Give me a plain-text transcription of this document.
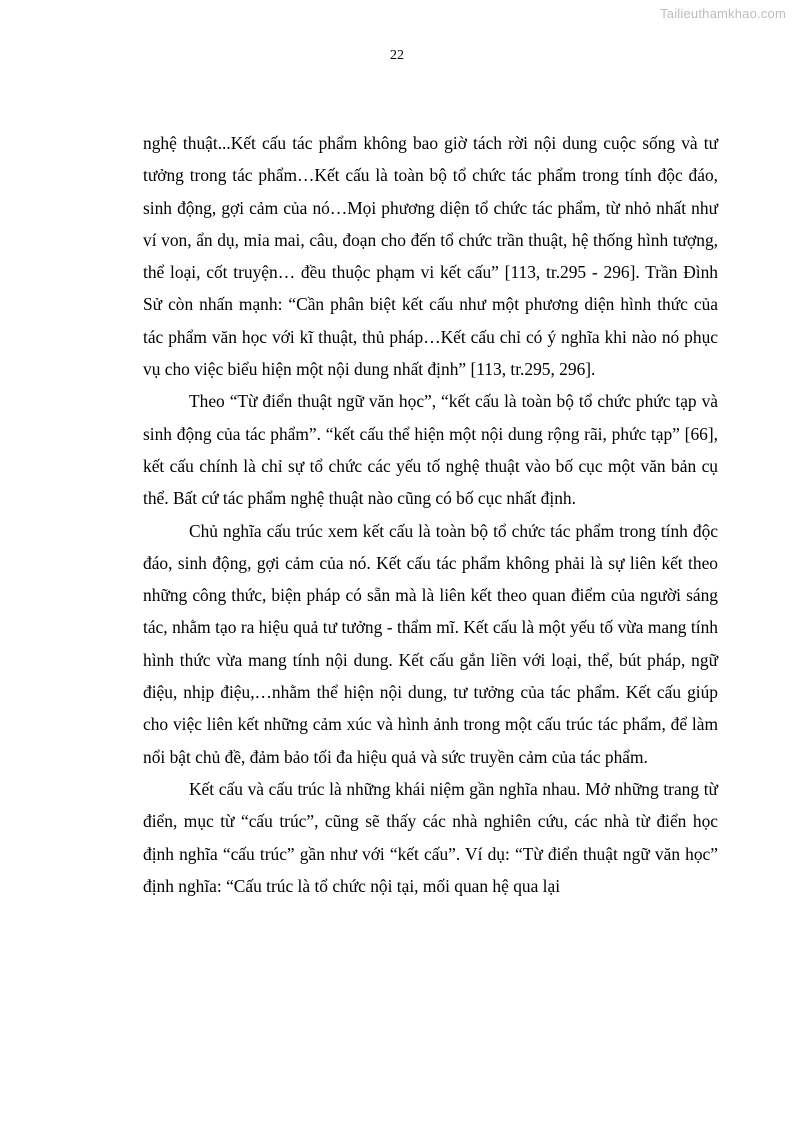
Tailieuthamkhao.com
22

nghệ thuật...Kết cấu tác phẩm không bao giờ tách rời nội dung cuộc sống và tư tưởng trong tác phẩm…Kết cấu là toàn bộ tổ chức tác phẩm trong tính độc đáo, sinh động, gợi cảm của nó…Mọi phương diện tổ chức tác phẩm, từ nhỏ nhất như ví von, ẩn dụ, mỉa mai, câu, đoạn cho đến tổ chức trần thuật, hệ thống hình tượng, thể loại, cốt truyện… đều thuộc phạm vi kết cấu” [113, tr.295 - 296]. Trần Đình Sử còn nhấn mạnh: “Cần phân biệt kết cấu như một phương diện hình thức của tác phẩm văn học với kĩ thuật, thủ pháp…Kết cấu chỉ có ý nghĩa khi nào nó phục vụ cho việc biểu hiện một nội dung nhất định” [113, tr.295, 296].

Theo “Từ điển thuật ngữ văn học”, “kết cấu là toàn bộ tổ chức phức tạp và sinh động của tác phẩm”. “kết cấu thể hiện một nội dung rộng rãi, phức tạp” [66], kết cấu chính là chỉ sự tổ chức các yếu tố nghệ thuật vào bố cục một văn bản cụ thể. Bất cứ tác phẩm nghệ thuật nào cũng có bố cục nhất định.

Chủ nghĩa cấu trúc xem kết cấu là toàn bộ tổ chức tác phẩm trong tính độc đáo, sinh động, gợi cảm của nó. Kết cấu tác phẩm không phải là sự liên kết theo những công thức, biện pháp có sẵn mà là liên kết theo quan điểm của người sáng tác, nhằm tạo ra hiệu quả tư tưởng - thẩm mĩ. Kết cấu là một yếu tố vừa mang tính hình thức vừa mang tính nội dung. Kết cấu gắn liền với loại, thể, bút pháp, ngữ điệu, nhịp điệu,…nhằm thể hiện nội dung, tư tưởng của tác phẩm. Kết cấu giúp cho việc liên kết những cảm xúc và hình ảnh trong một cấu trúc tác phẩm, để làm nổi bật chủ đề, đảm bảo tối đa hiệu quả và sức truyền cảm của tác phẩm.

Kết cấu và cấu trúc là những khái niệm gần nghĩa nhau. Mở những trang từ điển, mục từ “cấu trúc”, cũng sẽ thấy các nhà nghiên cứu, các nhà từ điển học định nghĩa “cấu trúc” gần như với “kết cấu”. Ví dụ: “Từ điển thuật ngữ văn học” định nghĩa: “Cấu trúc là tổ chức nội tại, mối quan hệ qua lại
